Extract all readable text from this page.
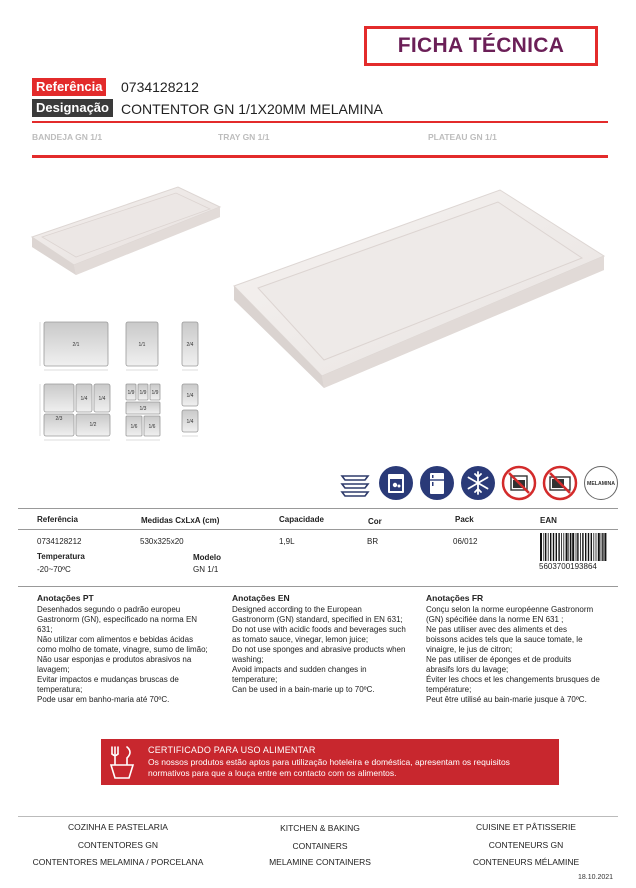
FICHA TÉCNICA
Referência 0734128212
Designação CONTENTOR GN 1/1X20MM MELAMINA
BANDEJA GN 1/1	TRAY GN 1/1	PLATEAU GN 1/1
2/1	1/1	2/4
1/4 1/4
2/3
1/2
1/9 1/9 1/9
1/3
1/6 1/6
1/4
1/4
MELAMINA
Referência	Medidas CxLxA (cm)	Capacidade	Cor	Pack	EAN
0734128212	530x325x20	1,9L	BR	06/012
5603700193864
Temperatura	Modelo
-20~70ºC	GN 1/1
Anotações PT
Desenhados segundo o padrão europeu
Gastronorm (GN), especificado na norma EN
631;
Não utilizar com alimentos e bebidas ácidas
como molho de tomate, vinagre, sumo de limão;
Não usar esponjas e produtos abrasivos na
lavagem;
Evitar impactos e mudanças bruscas de
temperatura;
Pode usar em banho-maria até 70ºC.
Anotações EN
Designed according to the European
Gastronorm (GN) standard, specified in EN 631;
Do not use with acidic foods and beverages such
as tomato sauce, vinegar, lemon juice;
Do not use sponges and abrasive products when
washing;
Avoid impacts and sudden changes in
temperature;
Can be used in a bain-marie up to 70ºC.
Anotações FR
Conçu selon la norme européenne Gastronorm
(GN) spécifiée dans la norme EN 631 ;
Ne pas utiliser avec des aliments et des
boissons acides tels que la sauce tomate, le
vinaigre, le jus de citron;
Ne pas utiliser de éponges et de produits
abrasifs lors du lavage;
Éviter les chocs et les changements brusques de
température;
Peut être utilisé au bain-marie jusque à 70ºC.
CERTIFICADO PARA USO ALIMENTAR
Os nossos produtos estão aptos para utilização hoteleira e doméstica, apresentam os requisitos normativos para que a louça entre em contacto com os alimentos.
COZINHA E PASTELARIA
CONTENTORES GN
CONTENTORES MELAMINA / PORCELANA
KITCHEN & BAKING
CONTAINERS
MELAMINE CONTAINERS
CUISINE ET PÂTISSERIE
CONTENEURS GN
CONTENEURS MÉLAMINE
18.10.2021
